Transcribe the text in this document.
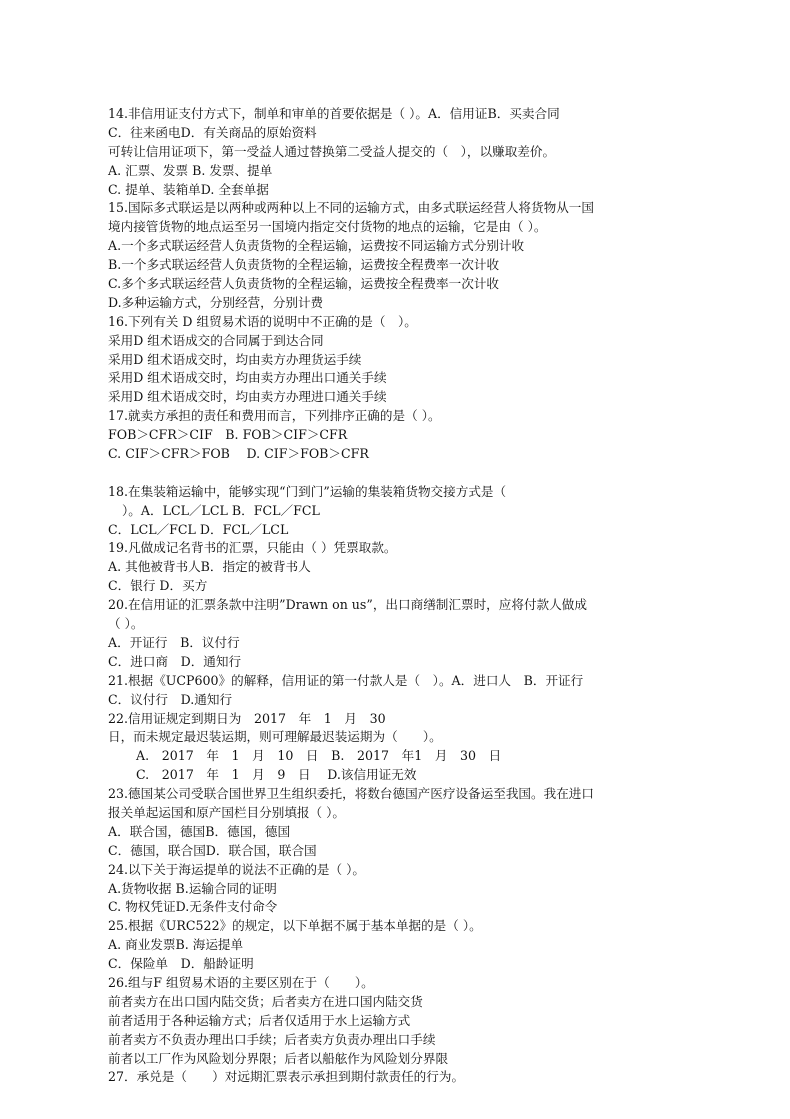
14.非信用证支付方式下，制单和审单的首要依据是（ ）。A．信用证B．买卖合同
C．往来函电D．有关商品的原始资料
可转让信用证项下，第一受益人通过替换第二受益人提交的（　），以赚取差价。
A. 汇票、发票 B. 发票、提单
C. 提单、装箱单D. 全套单据
15.国际多式联运是以两种或两种以上不同的运输方式，由多式联运经营人将货物从一国
境内接管货物的地点运至另一国境内指定交付货物的地点的运输，它是由（ ）。
A.一个多式联运经营人负责货物的全程运输，运费按不同运输方式分别计收
B.一个多式联运经营人负责货物的全程运输，运费按全程费率一次计收
C.多个多式联运经营人负责货物的全程运输，运费按全程费率一次计收
D.多种运输方式，分别经营，分别计费
16.下列有关 D 组贸易术语的说明中不正确的是（　）。
采用D 组术语成交的合同属于到达合同
采用D 组术语成交时，均由卖方办理货运手续
采用D 组术语成交时，均由卖方办理出口通关手续
采用D 组术语成交时，均由卖方办理进口通关手续
17.就卖方承担的责任和费用而言，下列排序正确的是（ ）。
FOB＞CFR＞CIF　B. FOB＞CIF＞CFR
C. CIF＞CFR＞FOB　 D. CIF＞FOB＞CFR
18.在集装箱运输中，能够实现“门到门”运输的集装箱货物交接方式是（
）。A．LCL／LCL B．FCL／FCL
C．LCL／FCL D．FCL／LCL
19.凡做成记名背书的汇票，只能由（ ）凭票取款。
A. 其他被背书人B．指定的被背书人
C．银行 D．买方
20.在信用证的汇票条款中注明”Drawn on us”，出口商缮制汇票时，应将付款人做成
（ ）。
A．开证行　B．议付行
C．进口商　D．通知行
21.根据《UCP600》的解释，信用证的第一付款人是（　）。A．进口人　B．开证行
C．议付行　D.通知行
22.信用证规定到期日为　2017　年　1　月　30
日，而未规定最迟装运期，则可理解最迟装运期为（　　）。
A.　2017　年　1　月　10　日　B.　2017　年1　月　30　日
C.　2017　年　1　月　9　日　 D.该信用证无效
23.德国某公司受联合国世界卫生组织委托，将数台德国产医疗设备运至我国。我在进口
报关单起运国和原产国栏目分别填报（ ）。
A．联合国，德国B．德国，德国
C．德国，联合国D．联合国，联合国
24.以下关于海运提单的说法不正确的是（ ）。
A.货物收据 B.运输合同的证明
C. 物权凭证D.无条件支付命令
25.根据《URC522》的规定，以下单据不属于基本单据的是（ ）。
A. 商业发票B. 海运提单
C．保险单　D．船龄证明
26.组与F 组贸易术语的主要区别在于（　　）。
前者卖方在出口国内陆交货；后者卖方在进口国内陆交货
前者适用于各种运输方式；后者仅适用于水上运输方式
前者卖方不负责办理出口手续；后者卖方负责办理出口手续
前者以工厂作为风险划分界限；后者以船舷作为风险划分界限
27．承兑是（　　）对远期汇票表示承担到期付款责任的行为。
